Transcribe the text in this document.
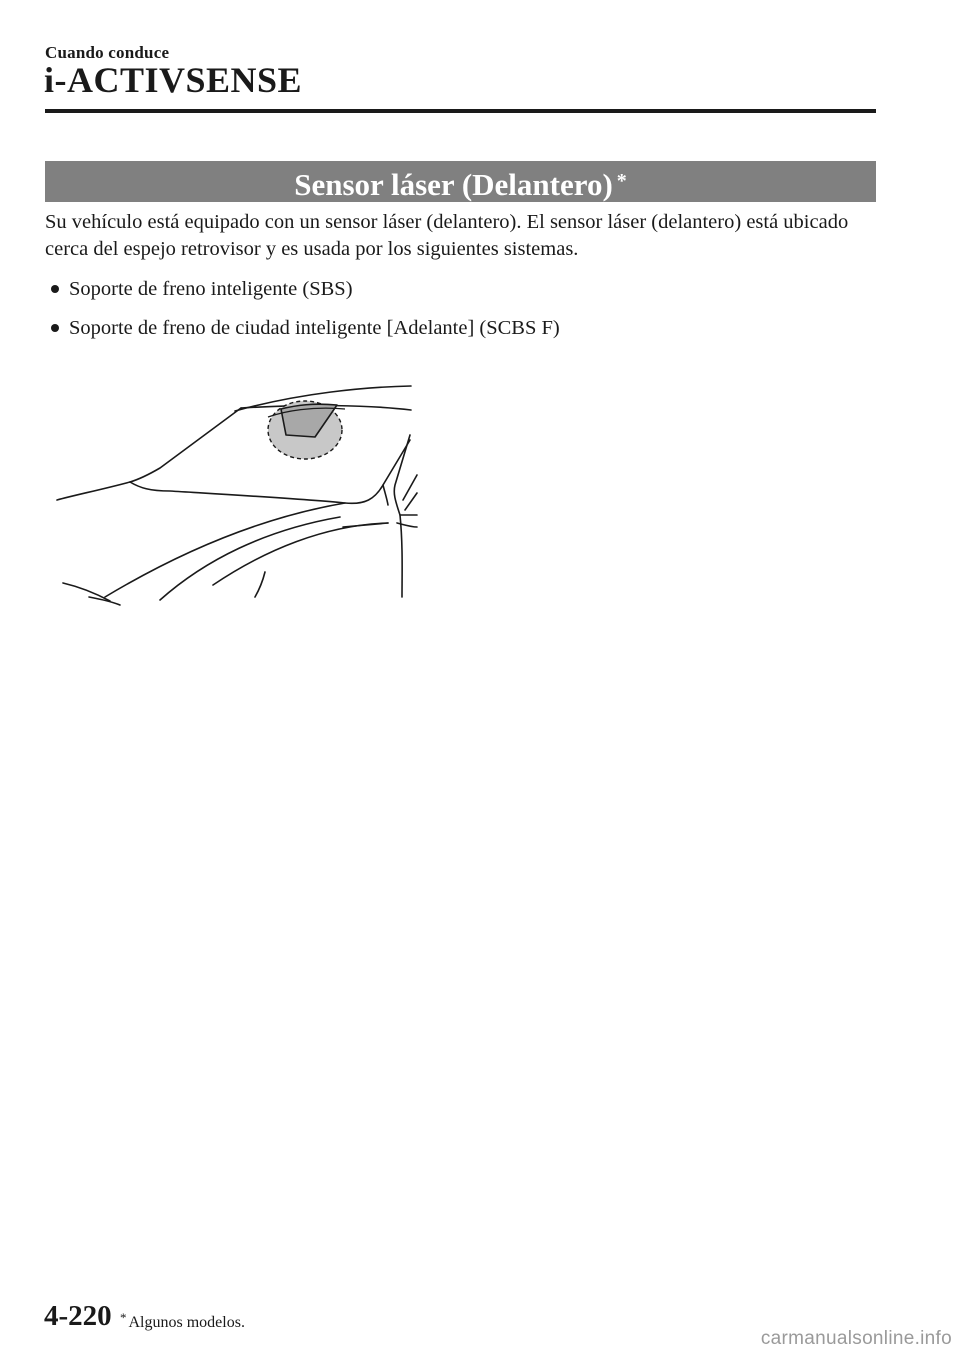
Cuando conduce
i-ACTIVSENSE
Sensor láser (Delantero) *
Su vehículo está equipado con un sensor láser (delantero). El sensor láser (delantero) está ubicado cerca del espejo retrovisor y es usada por los siguientes sistemas.
Soporte de freno inteligente (SBS)
Soporte de freno de ciudad inteligente [Adelante] (SCBS F)
4-220 * Algunos modelos.
carmanualsonline.info
